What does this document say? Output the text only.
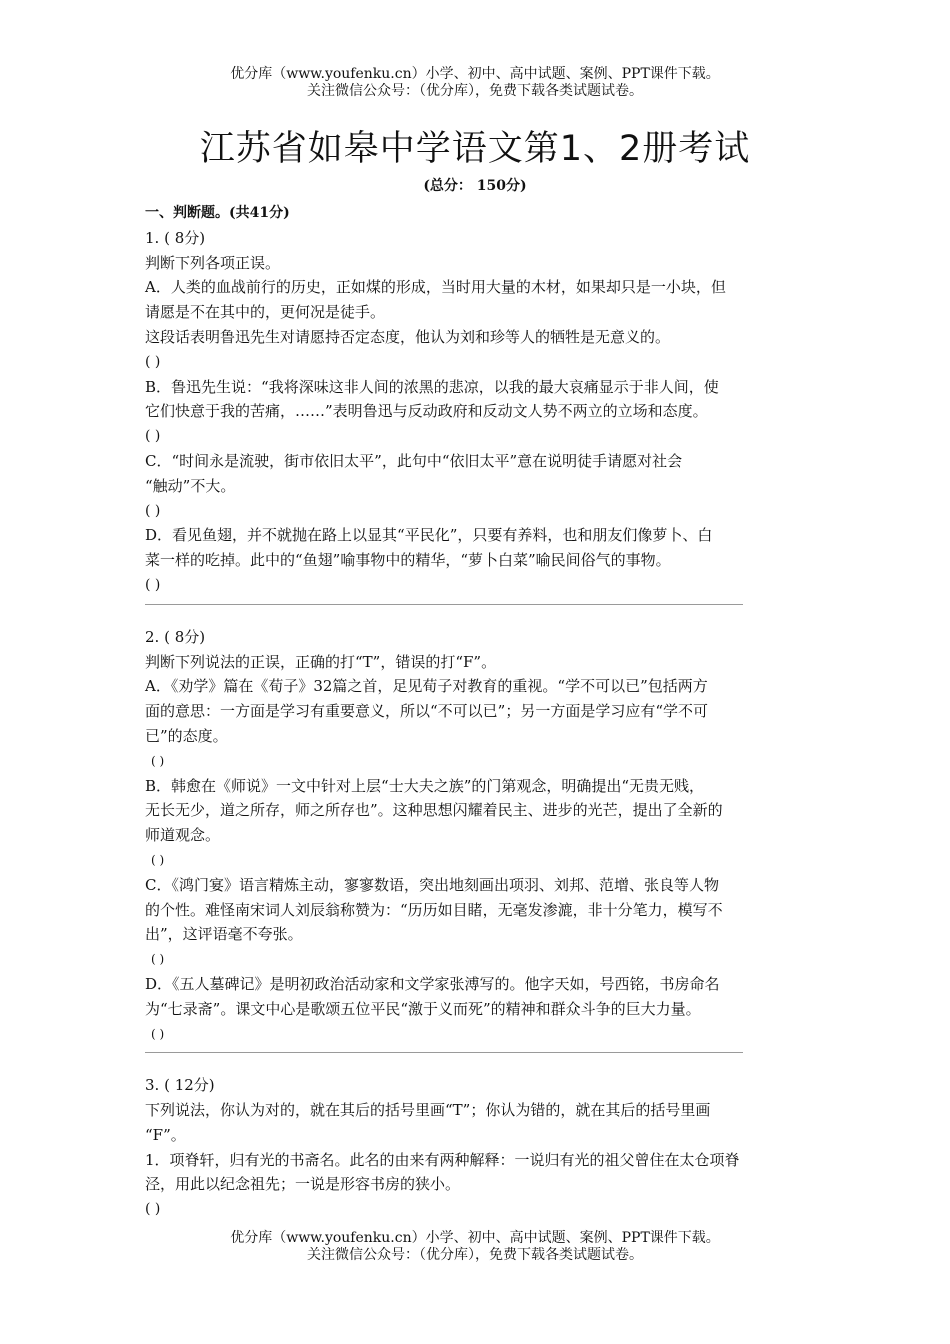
优分库（www.youfenku.cn）小学、初中、高中试题、案例、PPT课件下载。
关注微信公众号：（优分库），免费下载各类试题试卷。
江苏省如皋中学语文第1、2册考试
(总分： 150分)

一、判断题。(共41分)

1. ( 8分)

判断下列各项正误。

A．人类的血战前行的历史，正如煤的形成，当时用大量的木材，如果却只是一小块，但

请愿是不在其中的，更何况是徒手。

这段话表明鲁迅先生对请愿持否定态度，他认为刘和珍等人的牺牲是无意义的。

( )

B．鲁迅先生说：“我将深味这非人间的浓黑的悲凉，以我的最大哀痛显示于非人间，使

它们快意于我的苦痛，……”表明鲁迅与反动政府和反动文人势不两立的立场和态度。

( )

C．“时间永是流驶，街市依旧太平”，此句中“依旧太平”意在说明徒手请愿对社会

“触动”不大。

( )

D．看见鱼翅，并不就抛在路上以显其“平民化”，只要有养料，也和朋友们像萝卜、白

菜一样的吃掉。此中的“鱼翅”喻事物中的精华，“萝卜白菜”喻民间俗气的事物。

( )

2. ( 8分)

判断下列说法的正误，正确的打“T”，错误的打“F”。

A．《劝学》篇在《荀子》32篇之首，足见荀子对教育的重视。“学不可以已”包括两方

面的意思：一方面是学习有重要意义，所以“不可以已”；另一方面是学习应有“学不可

已”的态度。

( )

B．韩愈在《师说》一文中针对上层“士大夫之族”的门第观念，明确提出“无贵无贱，

无长无少，道之所存，师之所存也”。这种思想闪耀着民主、进步的光芒，提出了全新的

师道观念。

( )

C．《鸿门宴》语言精炼主动，寥寥数语，突出地刻画出项羽、刘邦、范增、张良等人物

的个性。难怪南宋词人刘辰翁称赞为：“历历如目睹，无毫发渗漉，非十分笔力，模写不

出”，这评语毫不夸张。

( )

D．《五人墓碑记》是明初政治活动家和文学家张溥写的。他字天如，号西铭，书房命名

为“七录斋”。课文中心是歌颂五位平民“激于义而死”的精神和群众斗争的巨大力量。

( )

3. ( 12分)

下列说法，你认为对的，就在其后的括号里画“T”；你认为错的，就在其后的括号里画

“F”。

1．项脊轩，归有光的书斋名。此名的由来有两种解释：一说归有光的祖父曾住在太仓项脊

泾，用此以纪念祖先；一说是形容书房的狭小。

( )

优分库（www.youfenku.cn）小学、初中、高中试题、案例、PPT课件下载。
关注微信公众号：（优分库），免费下载各类试题试卷。
